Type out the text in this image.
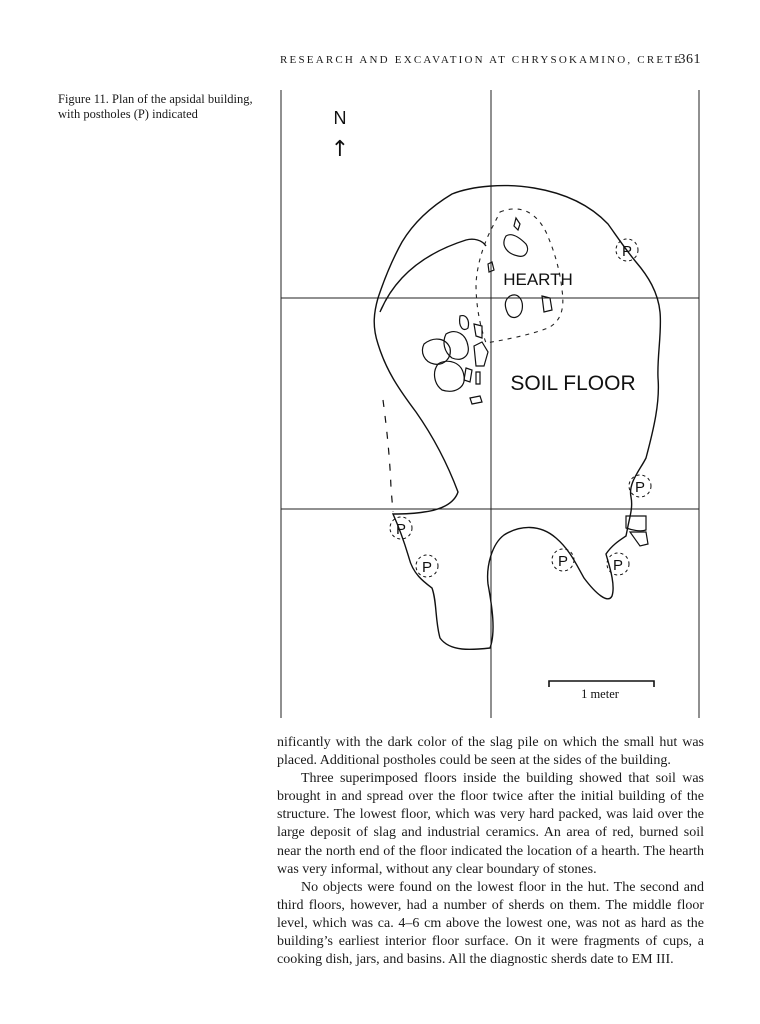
RESEARCH AND EXCAVATION AT CHRYSOKAMINO, CRETE
361
Figure 11. Plan of the apsidal building, with postholes (P) indicated	N
↑
HEARTH
SOIL FLOOR
P
P
P
P	P	P
1 meter

nificantly with the dark color of the slag pile on which the small hut was placed. Additional postholes could be seen at the sides of the building.

Three superimposed floors inside the building showed that soil was brought in and spread over the floor twice after the initial building of the structure. The lowest floor, which was very hard packed, was laid over the large deposit of slag and industrial ceramics. An area of red, burned soil near the north end of the floor indicated the location of a hearth. The hearth was very informal, without any clear boundary of stones.

No objects were found on the lowest floor in the hut. The second and third floors, however, had a number of sherds on them. The middle floor level, which was ca. 4–6 cm above the lowest one, was not as hard as the building’s earliest interior floor surface. On it were fragments of cups, a cooking dish, jars, and basins. All the diagnostic sherds date to EM III.
